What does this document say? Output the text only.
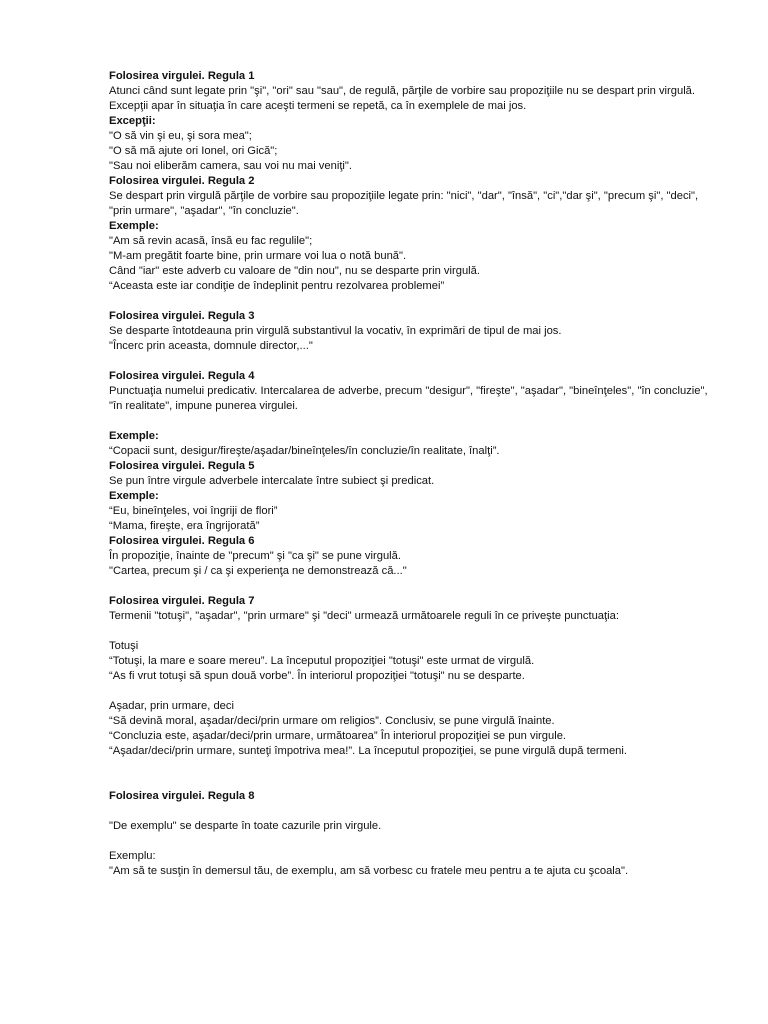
Folosirea virgulei. Regula 1
Atunci când sunt legate prin "şi", "ori" sau "sau", de regulă, părţile de vorbire sau propoziţiile nu se despart prin virgulă. Excepţii apar în situaţia în care aceşti termeni se repetă, ca în exemplele de mai jos.
Excepţii:
"O să vin şi eu, şi sora mea";
"O să mă ajute ori Ionel, ori Gică";
"Sau noi eliberăm camera, sau voi nu mai veniţi".
Folosirea virgulei. Regula 2
Se despart prin virgulă părţile de vorbire sau propoziţiile legate prin: "nici", "dar", "însă", "ci","dar şi", "precum şi", "deci", "prin urmare", "aşadar", "în concluzie".
Exemple:
"Am să revin acasă, însă eu fac regulile";
"M-am pregătit foarte bine, prin urmare voi lua o notă bună".
Când "iar" este adverb cu valoare de "din nou", nu se desparte prin virgulă.
“Aceasta este iar condiţie de îndeplinit pentru rezolvarea problemei”
Folosirea virgulei. Regula 3
Se desparte întotdeauna prin virgulă substantivul la vocativ, în exprimări de tipul de mai jos.
"Încerc prin aceasta, domnule director,..."
Folosirea virgulei. Regula 4
Punctuaţia numelui predicativ. Intercalarea de adverbe, precum "desigur", "fireşte", "aşadar", "bineînţeles", "în concluzie", "în realitate", impune punerea virgulei.
Exemple:
“Copacii sunt, desigur/fireşte/aşadar/bineînţeles/în concluzie/în realitate, înalţi”.
Folosirea virgulei. Regula 5
Se pun între virgule adverbele intercalate între subiect şi predicat.
Exemple:
“Eu, bineînţeles, voi îngriji de flori”
“Mama, fireşte, era îngrijorată”
Folosirea virgulei. Regula 6
În propoziţie, înainte de "precum" şi "ca şi" se pune virgulă.
"Cartea, precum şi / ca şi experienţa ne demonstrează că..."
Folosirea virgulei. Regula 7
Termenii "totuşi", "aşadar", "prin urmare" şi "deci" urmează următoarele reguli în ce priveşte punctuaţia:
Totuşi
“Totuşi, la mare e soare mereu”. La începutul propoziţiei "totuşi" este urmat de virgulă.
“As fi vrut totuşi să spun două vorbe”. În interiorul propoziţiei "totuşi" nu se desparte.
Aşadar, prin urmare, deci
“Să devină moral, aşadar/deci/prin urmare om religios”. Conclusiv, se pune virgulă înainte.
“Concluzia este, aşadar/deci/prin urmare, următoarea” În interiorul propoziţiei se pun virgule.
“Aşadar/deci/prin urmare, sunteţi împotriva mea!”. La începutul propoziţiei, se pune virgulă după termeni.
Folosirea virgulei. Regula 8
"De exemplu" se desparte în toate cazurile prin virgule.
Exemplu:
"Am să te susţin în demersul tău, de exemplu, am să vorbesc cu fratele meu pentru a te ajuta cu şcoala".
